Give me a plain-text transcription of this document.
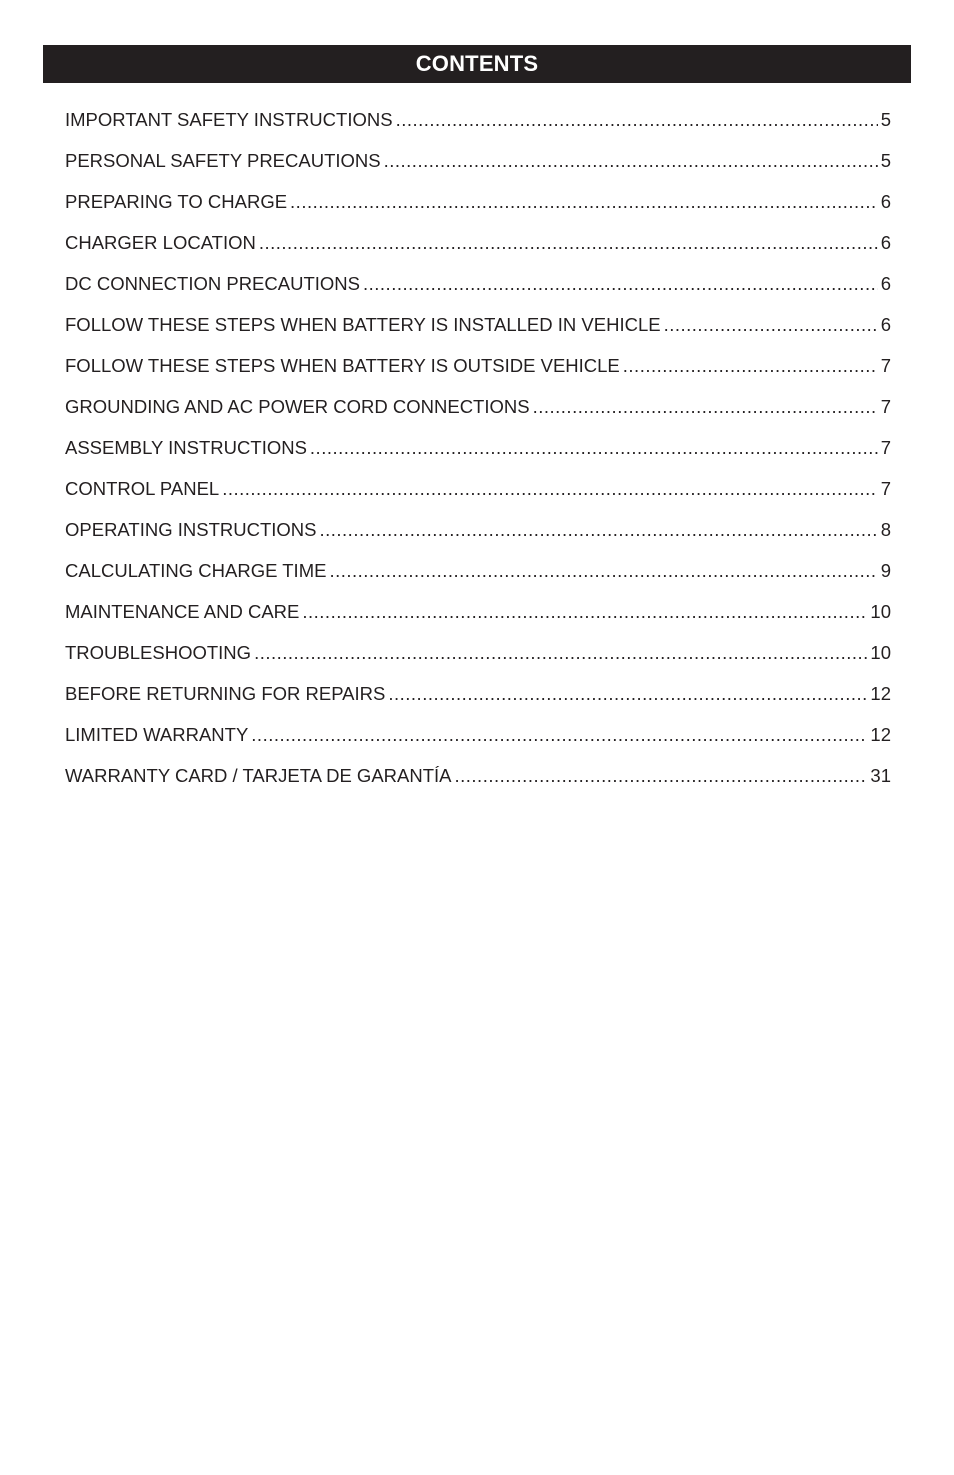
CONTENTS
IMPORTANT SAFETY INSTRUCTIONS .....	5
PERSONAL SAFETY PRECAUTIONS .....	5
PREPARING TO CHARGE .....	6
CHARGER LOCATION .....	6
DC CONNECTION PRECAUTIONS .....	6
FOLLOW THESE STEPS WHEN BATTERY IS INSTALLED IN VEHICLE .....	6
FOLLOW THESE STEPS WHEN BATTERY IS OUTSIDE VEHICLE .....	7
GROUNDING AND AC POWER CORD CONNECTIONS .....	7
ASSEMBLY INSTRUCTIONS .....	7
CONTROL PANEL .....	7
OPERATING INSTRUCTIONS .....	8
CALCULATING CHARGE TIME .....	9
MAINTENANCE AND CARE .....	10
TROUBLESHOOTING .....	10
BEFORE RETURNING FOR REPAIRS .....	12
LIMITED WARRANTY .....	12
WARRANTY CARD / TARJETA DE GARANTÍA .....	31
